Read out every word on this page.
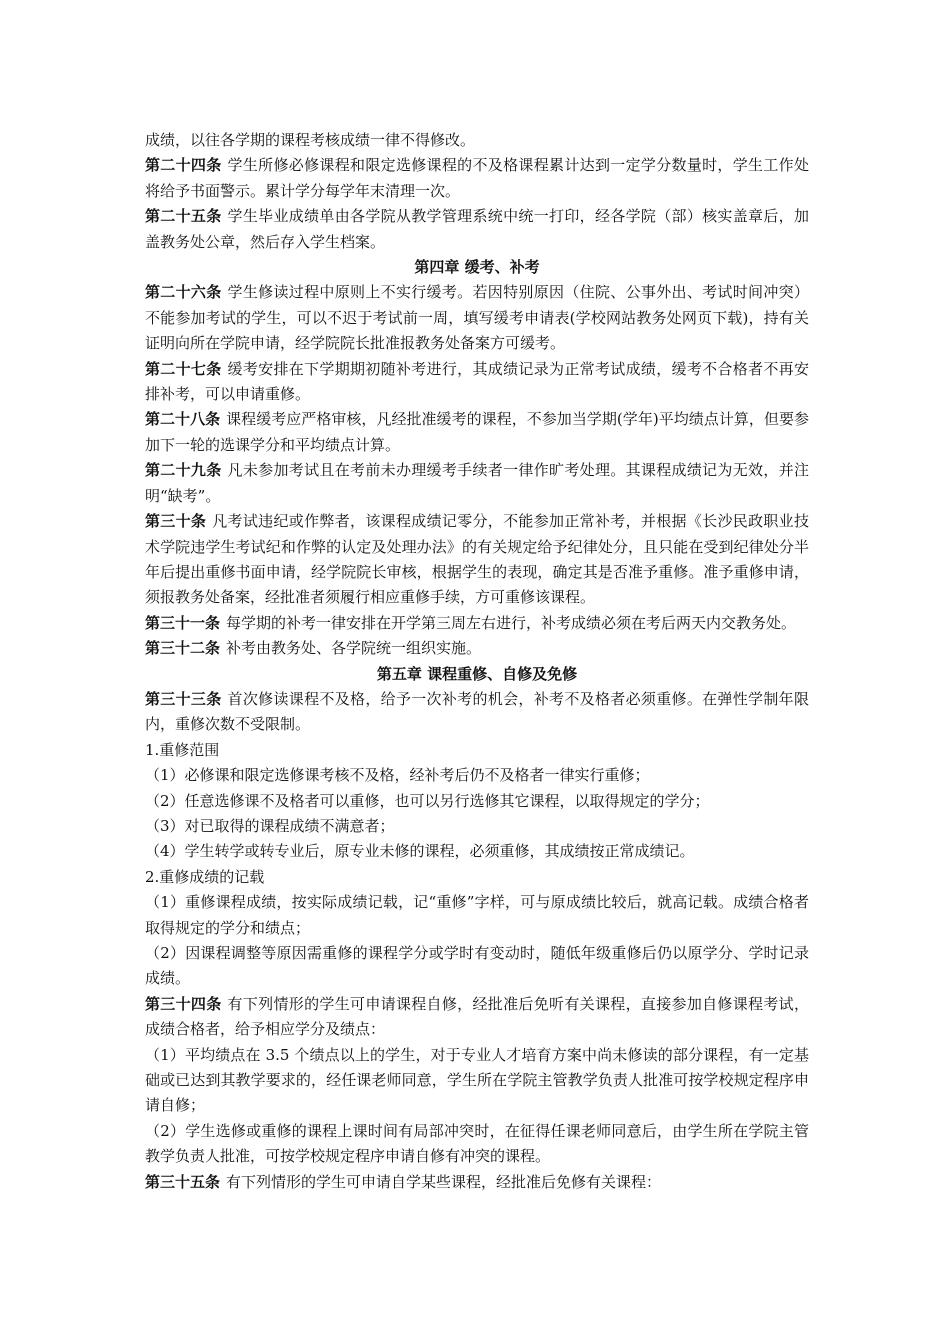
成绩，以往各学期的课程考核成绩一律不得修改。

第二十四条 学生所修必修课程和限定选修课程的不及格课程累计达到一定学分数量时，学生工作处将给予书面警示。累计学分每学年末清理一次。

第二十五条 学生毕业成绩单由各学院从教学管理系统中统一打印，经各学院（部）核实盖章后，加盖教务处公章，然后存入学生档案。

第四章 缓考、补考

第二十六条 学生修读过程中原则上不实行缓考。若因特别原因（住院、公事外出、考试时间冲突）不能参加考试的学生，可以不迟于考试前一周，填写缓考申请表(学校网站教务处网页下载)，持有关证明向所在学院申请，经学院院长批准报教务处备案方可缓考。

第二十七条 缓考安排在下学期期初随补考进行，其成绩记录为正常考试成绩，缓考不合格者不再安排补考，可以申请重修。

第二十八条 课程缓考应严格审核，凡经批准缓考的课程，不参加当学期(学年)平均绩点计算，但要参加下一轮的选课学分和平均绩点计算。

第二十九条 凡未参加考试且在考前未办理缓考手续者一律作旷考处理。其课程成绩记为无效，并注明“缺考”。

第三十条 凡考试违纪或作弊者，该课程成绩记零分，不能参加正常补考，并根据《长沙民政职业技术学院违学生考试纪和作弊的认定及处理办法》的有关规定给予纪律处分，且只能在受到纪律处分半年后提出重修书面申请，经学院院长审核，根据学生的表现，确定其是否准予重修。准予重修申请，须报教务处备案，经批准者须履行相应重修手续，方可重修该课程。

第三十一条 每学期的补考一律安排在开学第三周左右进行，补考成绩必须在考后两天内交教务处。

第三十二条 补考由教务处、各学院统一组织实施。

第五章 课程重修、自修及免修

第三十三条 首次修读课程不及格，给予一次补考的机会，补考不及格者必须重修。在弹性学制年限内，重修次数不受限制。

1.重修范围

（1）必修课和限定选修课考核不及格，经补考后仍不及格者一律实行重修；

（2）任意选修课不及格者可以重修，也可以另行选修其它课程，以取得规定的学分；

（3）对已取得的课程成绩不满意者；

（4）学生转学或转专业后，原专业未修的课程，必须重修，其成绩按正常成绩记。

2.重修成绩的记载

（1）重修课程成绩，按实际成绩记载，记“重修”字样，可与原成绩比较后，就高记载。成绩合格者取得规定的学分和绩点；

（2）因课程调整等原因需重修的课程学分或学时有变动时，随低年级重修后仍以原学分、学时记录成绩。

第三十四条 有下列情形的学生可申请课程自修，经批准后免听有关课程，直接参加自修课程考试，成绩合格者，给予相应学分及绩点：

（1）平均绩点在 3.5 个绩点以上的学生，对于专业人才培育方案中尚未修读的部分课程，有一定基础或已达到其教学要求的，经任课老师同意，学生所在学院主管教学负责人批准可按学校规定程序申请自修；

（2）学生选修或重修的课程上课时间有局部冲突时，在征得任课老师同意后，由学生所在学院主管教学负责人批准，可按学校规定程序申请自修有冲突的课程。

第三十五条 有下列情形的学生可申请自学某些课程，经批准后免修有关课程：
